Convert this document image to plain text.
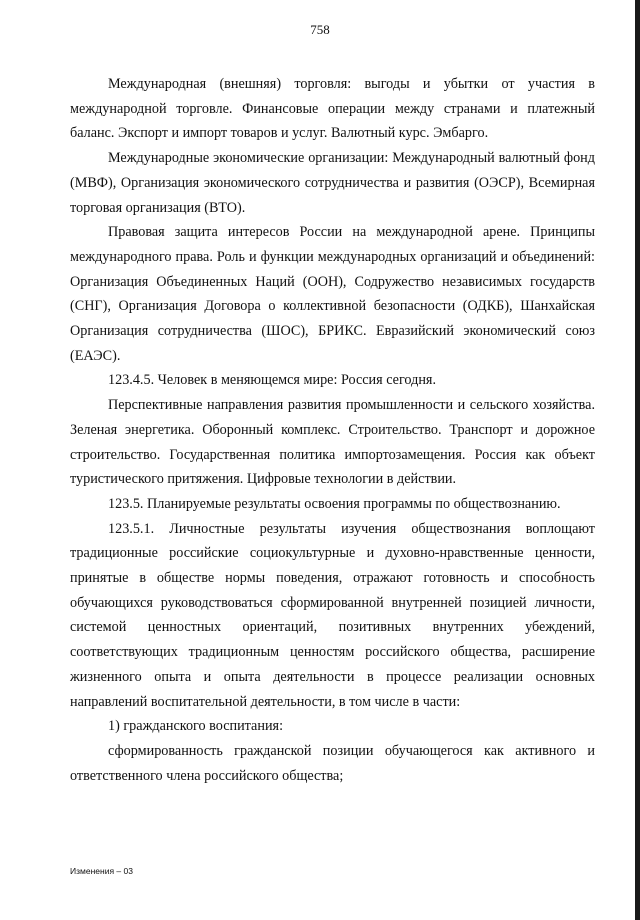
758

Международная (внешняя) торговля: выгоды и убытки от участия в международной торговле. Финансовые операции между странами и платежный баланс. Экспорт и импорт товаров и услуг. Валютный курс. Эмбарго.

Международные экономические организации: Международный валютный фонд (МВФ), Организация экономического сотрудничества и развития (ОЭСР), Всемирная торговая организация (ВТО).

Правовая защита интересов России на международной арене. Принципы международного права. Роль и функции международных организаций и объединений: Организация Объединенных Наций (ООН), Содружество независимых государств (СНГ), Организация Договора о коллективной безопасности (ОДКБ), Шанхайская Организация сотрудничества (ШОС), БРИКС. Евразийский экономический союз (ЕАЭС).

123.4.5. Человек в меняющемся мире: Россия сегодня.

Перспективные направления развития промышленности и сельского хозяйства. Зеленая энергетика. Оборонный комплекс. Строительство. Транспорт и дорожное строительство. Государственная политика импортозамещения. Россия как объект туристического притяжения. Цифровые технологии в действии.

123.5. Планируемые результаты освоения программы по обществознанию.

123.5.1. Личностные результаты изучения обществознания воплощают традиционные российские социокультурные и духовно-нравственные ценности, принятые в обществе нормы поведения, отражают готовность и способность обучающихся руководствоваться сформированной внутренней позицией личности, системой ценностных ориентаций, позитивных внутренних убеждений, соответствующих традиционным ценностям российского общества, расширение жизненного опыта и опыта деятельности в процессе реализации основных направлений воспитательной деятельности, в том числе в части:

1) гражданского воспитания:

сформированность гражданской позиции обучающегося как активного и ответственного члена российского общества;

Изменения – 03
